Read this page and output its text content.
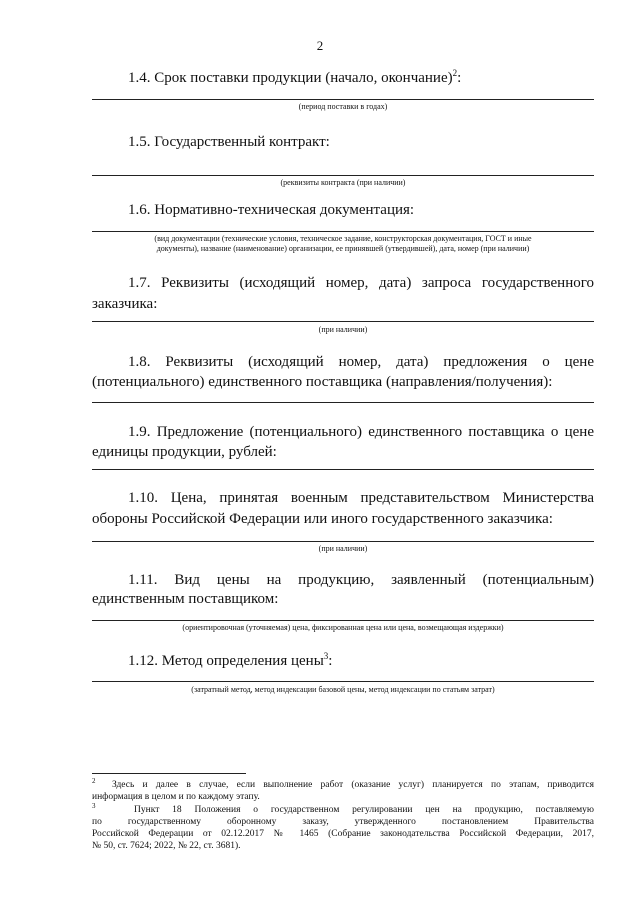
2
1.4. Срок поставки продукции (начало, окончание)$^2$:
(период поставки в годах)
1.5. Государственный контракт:
(реквизиты контракта (при наличии)
1.6. Нормативно-техническая документация:
(вид документации (технические условия, техническое задание, конструкторская документация, ГОСТ и иные
документы), название (наименование) организации, ее принявшей (утвердившей), дата, номер (при наличии)
1.7. Реквизиты (исходящий номер, дата) запроса государственного
заказчика:
(при наличии)
1.8. Реквизиты (исходящий номер, дата) предложения о цене
(потенциального) единственного поставщика (направления/получения):
1.9. Предложение (потенциального) единственного поставщика о цене
единицы продукции, рублей:
1.10. Цена, принятая военным представительством Министерства
обороны Российской Федерации или иного государственного заказчика:
(при наличии)
1.11. Вид цены на продукцию, заявленный (потенциальным)
единственным поставщиком:
(ориентировочная (уточняемая) цена, фиксированная цена или цена, возмещающая издержки)
1.12. Метод определения цены$^3$:
(затратный метод, метод индексации базовой цены, метод индексации по статьям затрат)
$^2$ Здесь и далее в случае, если выполнение работ (оказание услуг) планируется по этапам, приводится
информация в целом и по каждому этапу.
$^3$	Пункт 18 Положения о государственном регулировании цен на продукцию, поставляемую
по государственному оборонному заказу, утвержденного постановлением Правительства
Российской Федерации от 02.12.2017 № 1465 (Собрание законодательства Российской Федерации, 2017,
№ 50, ст. 7624; 2022, № 22, ст. 3681).
